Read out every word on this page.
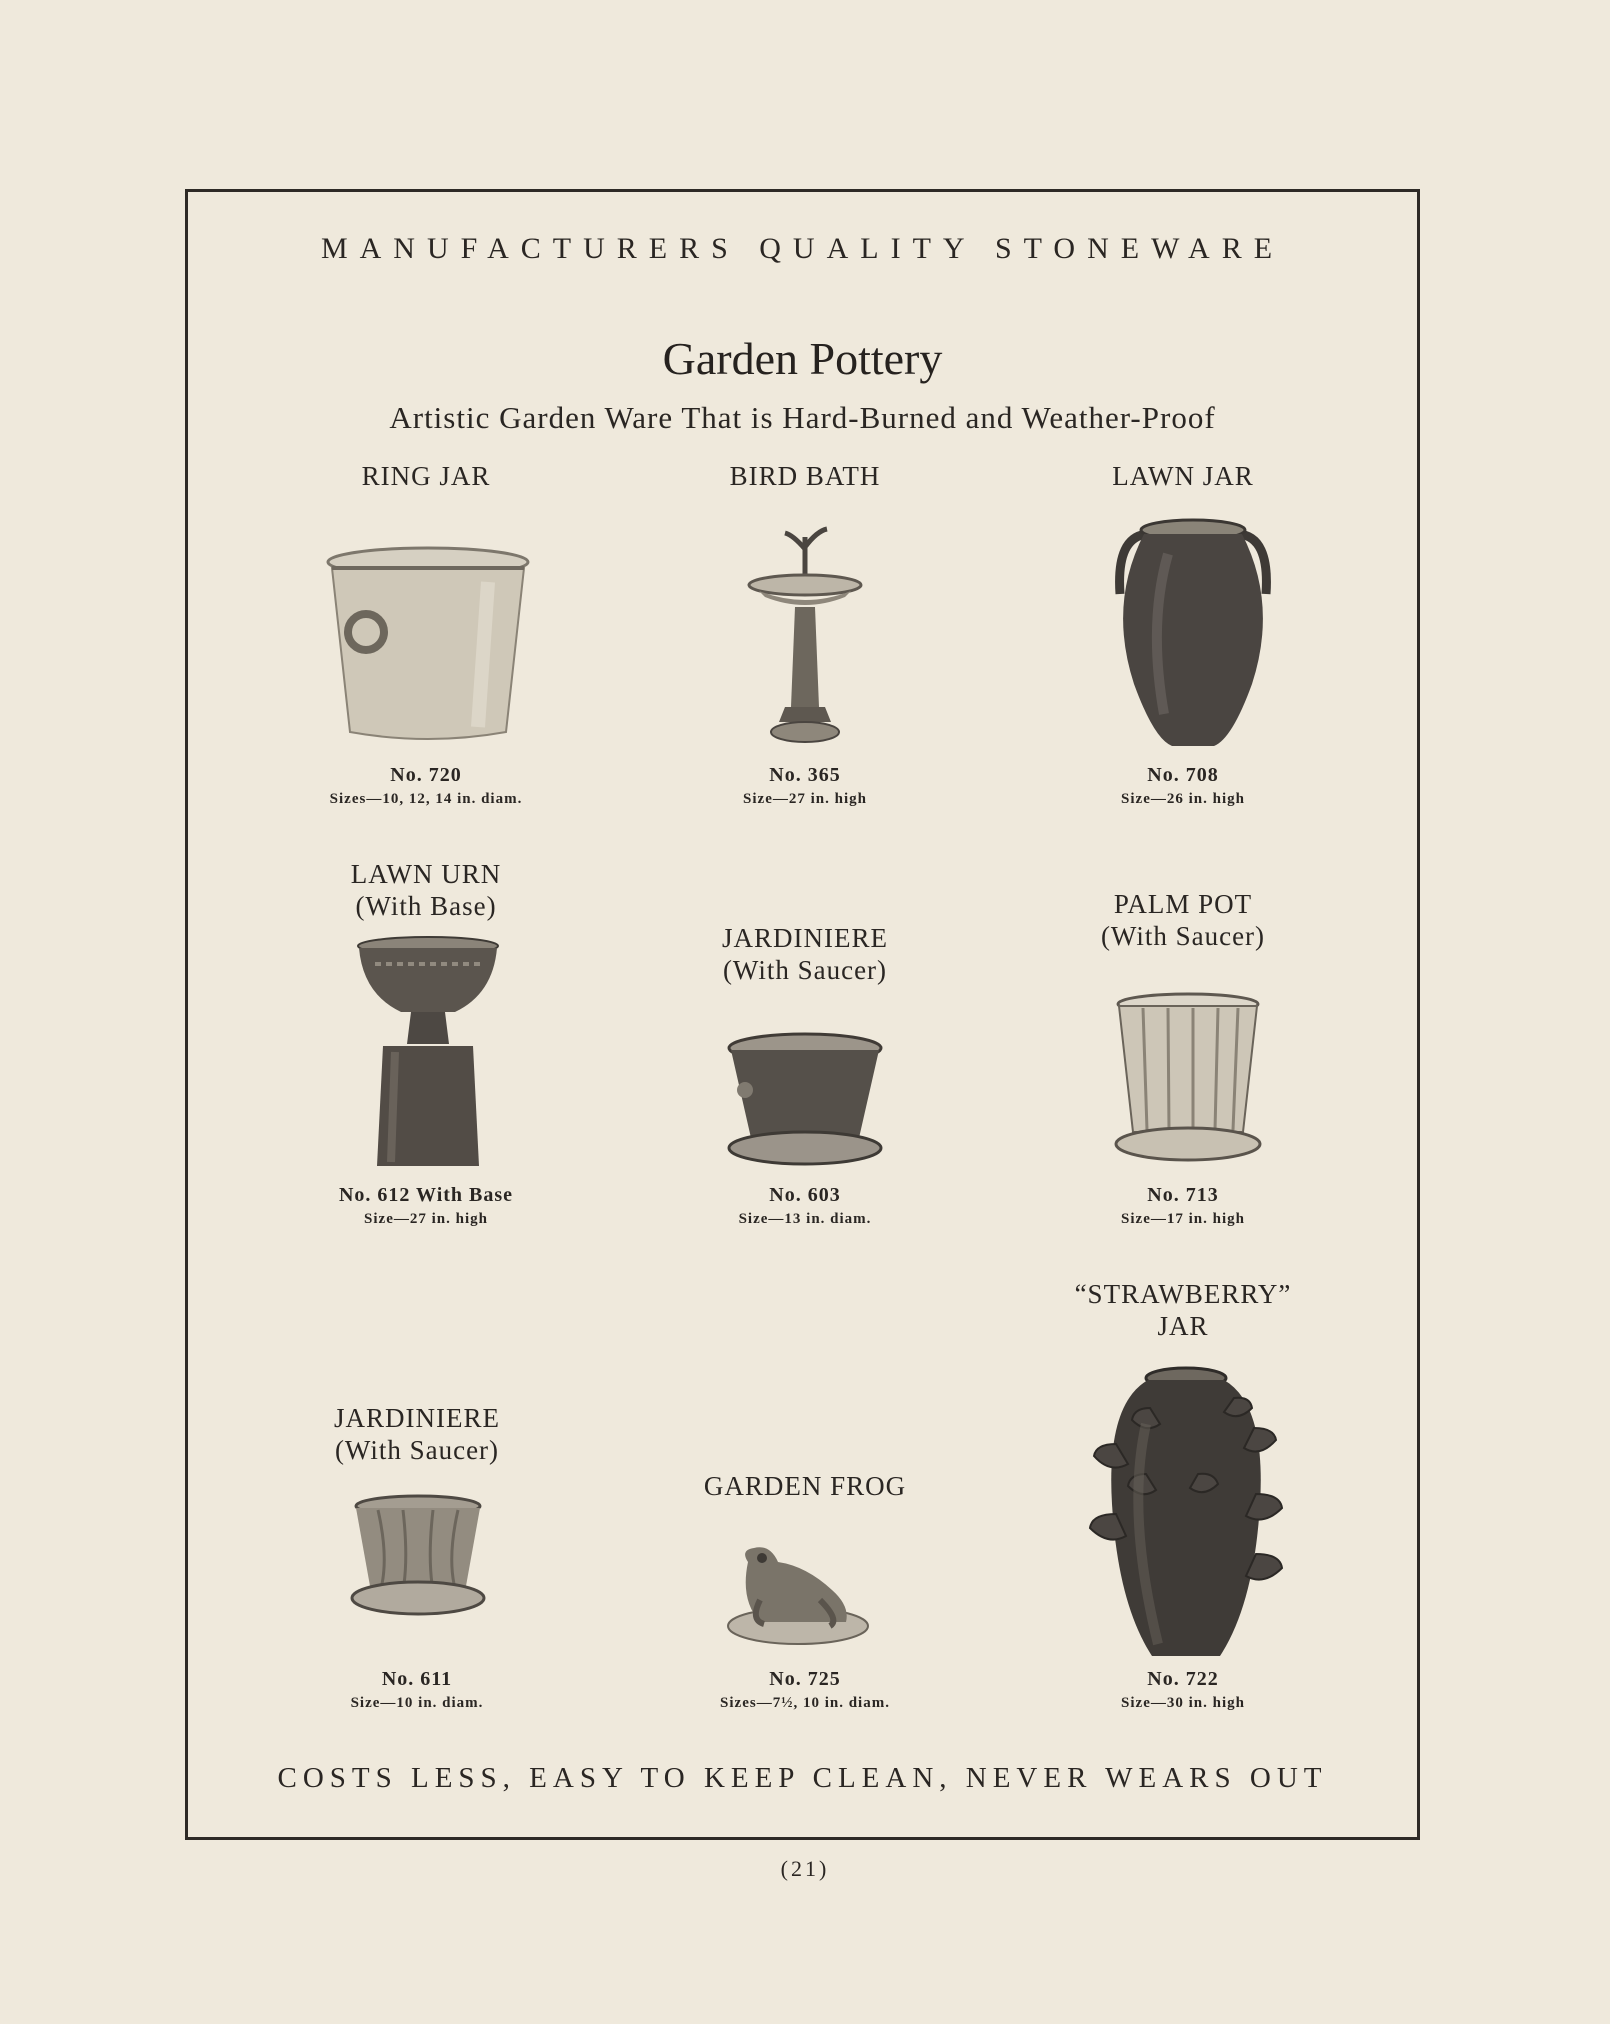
MANUFACTURERS QUALITY STONEWARE
Garden Pottery
Artistic Garden Ware That is Hard-Burned and Weather-Proof
RING JAR
No. 720
Sizes—10, 12, 14 in. diam.
BIRD BATH
No. 365
Size—27 in. high
LAWN JAR
No. 708
Size—26 in. high
LAWN URN
(With Base)
No. 612 With Base
Size—27 in. high
JARDINIERE
(With Saucer)
No. 603
Size—13 in. diam.
PALM POT
(With Saucer)
No. 713
Size—17 in. high
JARDINIERE
(With Saucer)
No. 611
Size—10 in. diam.
GARDEN FROG
No. 725
Sizes—7½, 10 in. diam.
“STRAWBERRY”
JAR
No. 722
Size—30 in. high
COSTS LESS, EASY TO KEEP CLEAN, NEVER WEARS OUT
(21)
